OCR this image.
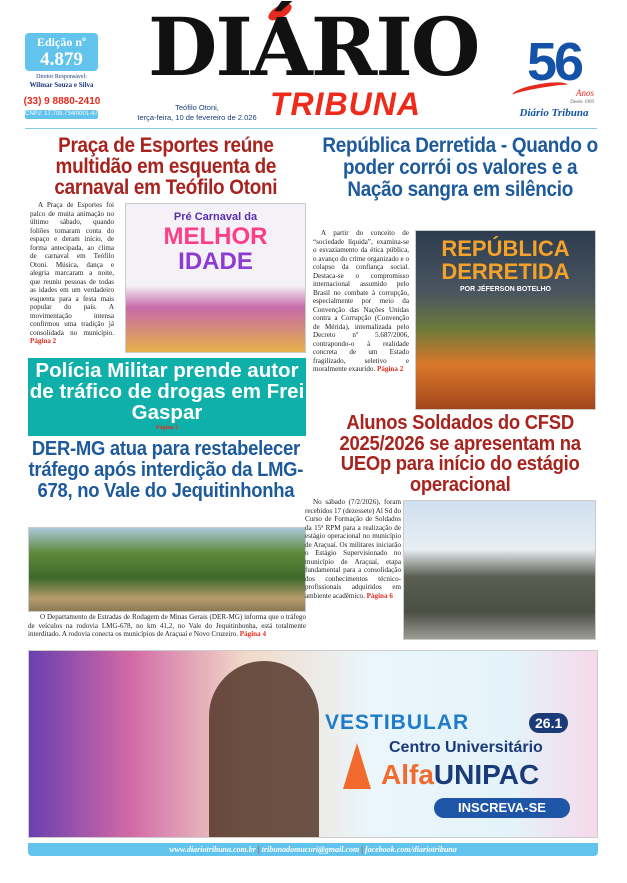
Edição nº
4.879
Diretor Responsável:
Wilmar Souza e Silva
(33) 9 8880-2410
CNPJ: 17.709.734/0001-47
DIÁRIO
TRIBUNA
Teófilo Otoni,
terça-feira, 10 de fevereiro de 2.026
56
Anos
Desde 1969
Diário Tribuna
Praça de Esportes reúne multidão em esquenta de carnaval em Teófilo Otoni
A Praça de Esportes foi palco de muita animação no último sábado, quando foliões tomaram conta do espaço e deram início, de forma antecipada, ao clima de carnaval em Teófilo Otoni. Música, dança e alegria marcaram a noite, que reuniu pessoas de todas as idades em um verdadeiro esquenta para a festa mais popular do país. A movimentação intensa confirmou uma tradição já consolidada no município. Página 2
Pré Carnaval da
MELHOR
IDADE
Polícia Militar prende autor de tráfico de drogas em Frei Gaspar
Página 2
DER-MG atua para restabelecer tráfego após interdição da LMG-678, no Vale do Jequitinhonha
O Departamento de Estradas de Rodagem de Minas Gerais (DER-MG) informa que o tráfego de veículos na rodovia LMG-678, no km 41,2, no Vale do Jequitinhonha, está totalmente interditado. A rodovia conecta os municípios de Araçuaí e Novo Cruzeiro. Página 4
República Derretida - Quando o poder corrói os valores e a Nação sangra em silêncio
A partir do conceito de “sociedade líquida”, examina-se o esvaziamento da ética pública, o avanço do crime organizado e o colapso da confiança social. Destaca-se o compromisso internacional assumido pelo Brasil no combate à corrupção, especialmente por meio da Convenção das Nações Unidas contra a Corrupção (Convenção de Mérida), internalizada pelo Decreto nº 5.687/2006, contrapondo-o à realidade concreta de um Estado fragilizado, seletivo e moralmente exaurido. Página 2
REPÚBLICA DERRETIDA
POR JÉFERSON BOTELHO
Alunos Soldados do CFSD 2025/2026 se apresentam na UEOp para início do estágio operacional
No sábado (7/2/2026), foram recebidos 17 (dezessete) Al Sd do Curso de Formação de Soldados da 15ª RPM para a realização de estágio operacional no município de Araçuaí. Os militares iniciarão o Estágio Supervisionado no município de Araçuaí, etapa fundamental para a consolidação dos conhecimentos técnico-profissionais adquiridos em ambiente acadêmico. Página 6
VESTIBULAR	26.1
Centro Universitário
AlfaUNIPAC
INSCREVA-SE
www.diariotribuna.com.br | tribunadomucuri@gmail.com | facebook.com/diariotribuna
